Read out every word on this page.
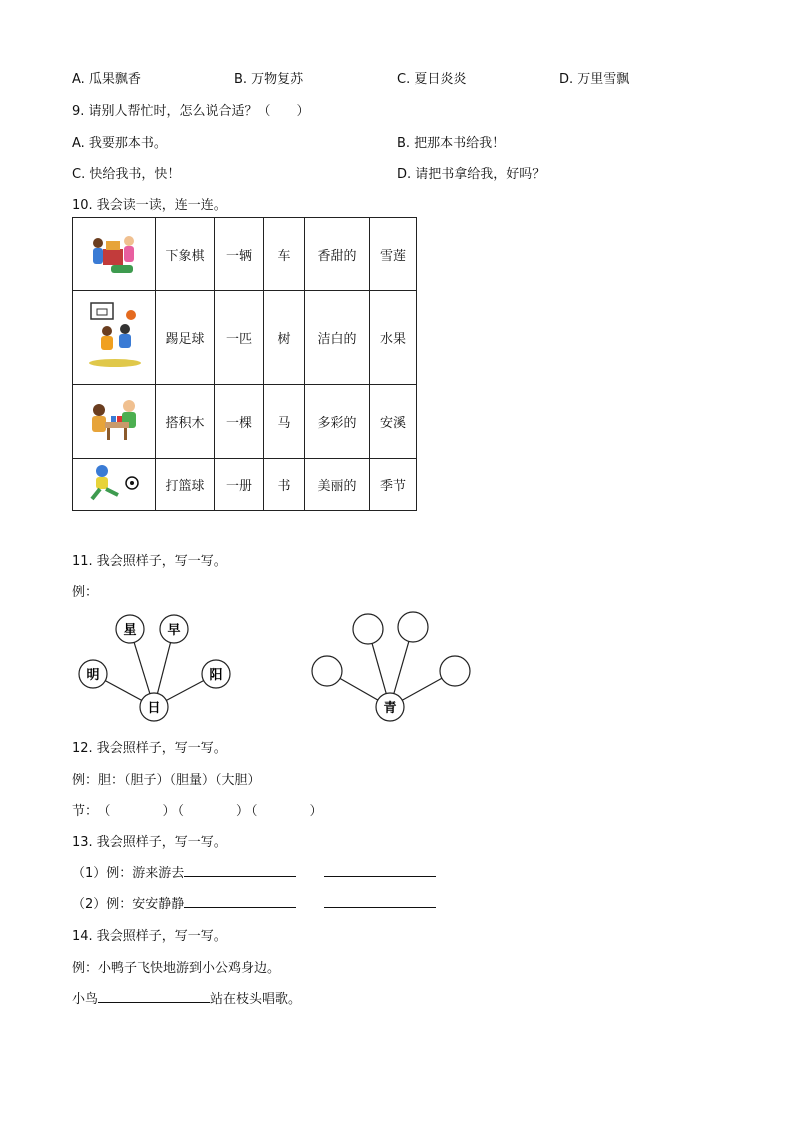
A. 瓜果飘香	B. 万物复苏	C. 夏日炎炎	D. 万里雪飘
9. 请别人帮忙时，怎么说合适？（　　）
A. 我要那本书。	B. 把那本书给我！
C. 快给我书，快！	D. 请把书拿给我，好吗？
10. 我会读一读，连一连。
	下象棋	一辆	车	香甜的	雪莲
	踢足球	一匹	树	洁白的	水果
	搭积木	一棵	马	多彩的	安溪
	打篮球	一册	书	美丽的	季节
11. 我会照样子，写一写。
例：
明
星 早
阳
日	青
12. 我会照样子，写一写。
例：胆：（胆子）（胆量）（大胆）
节： （　　　　） （　　　　） （　　　　）
13. 我会照样子，写一写。
（1）例：游来游去
（2）例：安安静静
14. 我会照样子，写一写。
例：小鸭子飞快地游到小公鸡身边。
小鸟	站在枝头唱歌。
